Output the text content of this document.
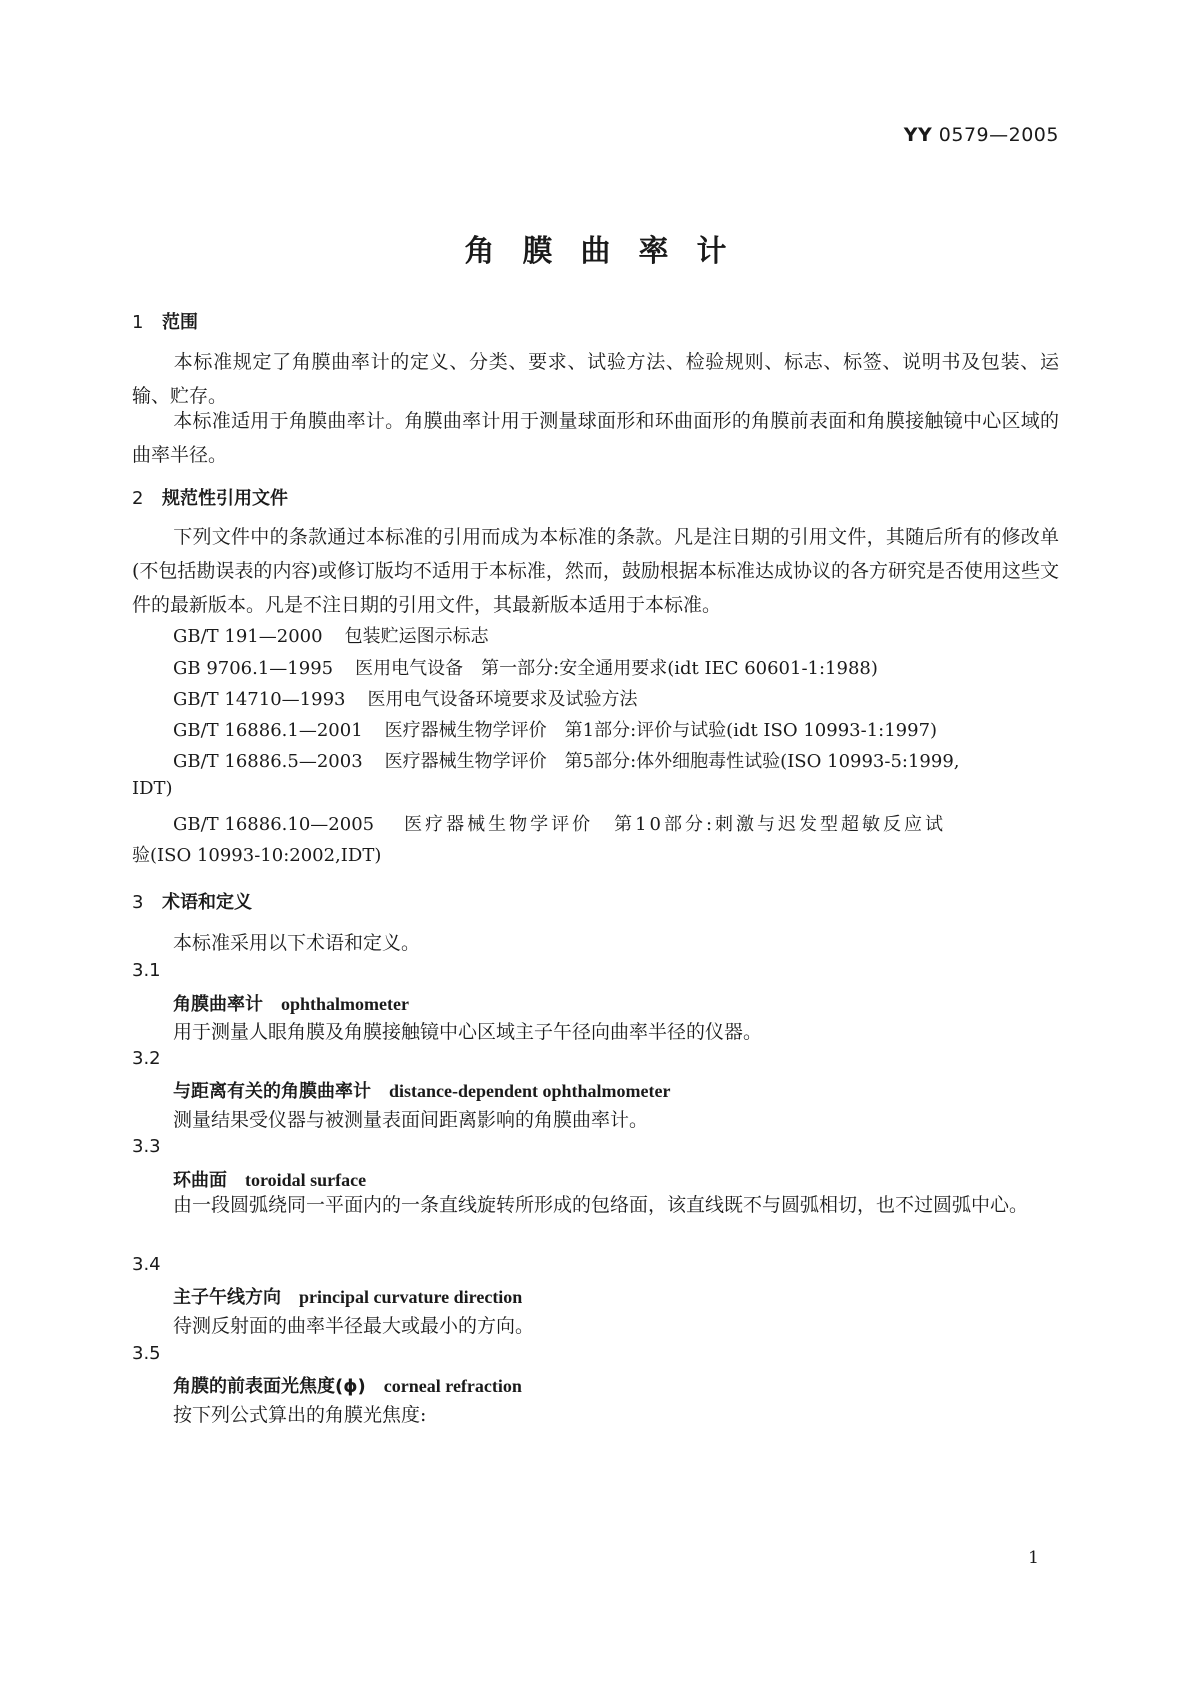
YY 0579—2005
角膜曲率计
1 范围
本标准规定了角膜曲率计的定义、分类、要求、试验方法、检验规则、标志、标签、说明书及包装、运输、贮存。
本标准适用于角膜曲率计。角膜曲率计用于测量球面形和环曲面形的角膜前表面和角膜接触镜中心区域的曲率半径。
2 规范性引用文件
下列文件中的条款通过本标准的引用而成为本标准的条款。凡是注日期的引用文件，其随后所有的修改单(不包括勘误表的内容)或修订版均不适用于本标准，然而，鼓励根据本标准达成协议的各方研究是否使用这些文件的最新版本。凡是不注日期的引用文件，其最新版本适用于本标准。
GB/T 191—2000 包装贮运图示标志
GB 9706.1—1995 医用电气设备　第一部分:安全通用要求(idt IEC 60601-1:1988)
GB/T 14710—1993 医用电气设备环境要求及试验方法
GB/T 16886.1—2001 医疗器械生物学评价　第1部分:评价与试验(idt ISO 10993-1:1997)
GB/T 16886.5—2003 医疗器械生物学评价　第5部分:体外细胞毒性试验(ISO 10993-5:1999,
IDT)
GB/T 16886.10—2005 医疗器械生物学评价　第10部分:刺激与迟发型超敏反应试
验(ISO 10993-10:2002,IDT)
3 术语和定义
本标准采用以下术语和定义。
3.1
角膜曲率计 ophthalmometer
用于测量人眼角膜及角膜接触镜中心区域主子午径向曲率半径的仪器。
3.2
与距离有关的角膜曲率计 distance-dependent ophthalmometer
测量结果受仪器与被测量表面间距离影响的角膜曲率计。
3.3
环曲面 toroidal surface
由一段圆弧绕同一平面内的一条直线旋转所形成的包络面，该直线既不与圆弧相切，也不过圆弧中心。
3.4
主子午线方向 principal curvature direction
待测反射面的曲率半径最大或最小的方向。
3.5
角膜的前表面光焦度(ϕ) corneal refraction
按下列公式算出的角膜光焦度:
1
